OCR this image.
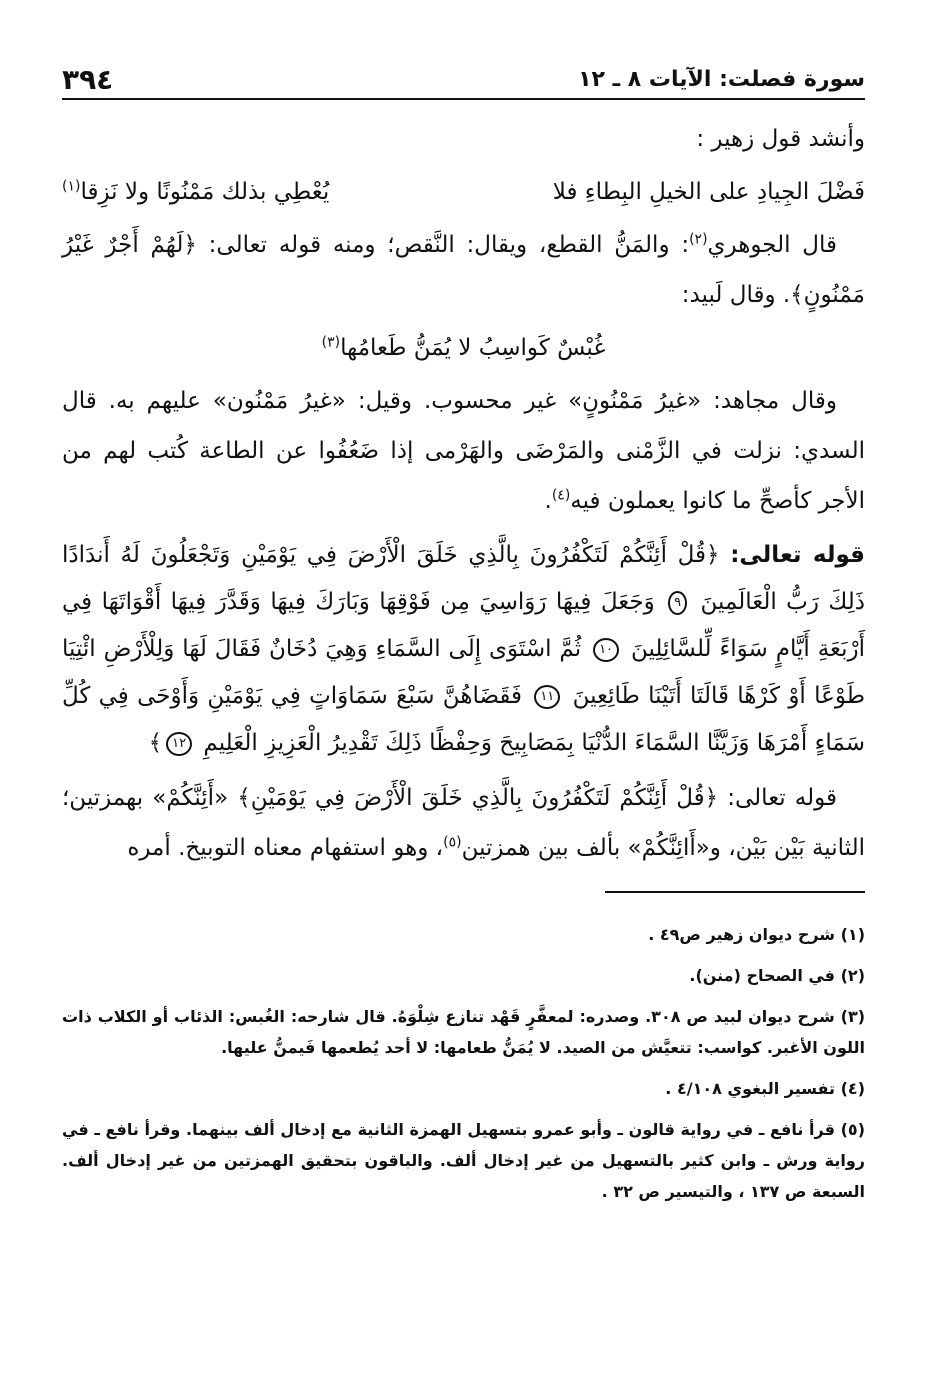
سورة فصلت: الآيات ٨ ـ ١٢
٣٩٤

وأنشد قول زهير :

فَضْلَ الجِيادِ على الخيلِ البِطاءِ فلا
يُعْطِي بذلك مَمْنُونًا ولا نَزِقا$^{(١)}$

قال الجوهري$^{(٢)}$: والمَنُّ القطع، ويقال: النَّقص؛ ومنه قوله تعالى: ﴿لَهُمْ أَجْرٌ غَيْرُ مَمْنُونٍ﴾. وقال لَبيد:

غُبْسٌ كَواسِبُ لا يُمَنُّ طَعامُها$^{(٣)}$

وقال مجاهد: «غيرُ مَمْنُونٍ» غير محسوب. وقيل: «غيرُ مَمْنُون» عليهم به. قال السدي: نزلت في الزَّمْنى والمَرْضَى والهَرْمى إذا ضَعُفُوا عن الطاعة كُتب لهم من الأجر كأصحِّ ما كانوا يعملون فيه$^{(٤)}$.

قوله تعالى: ﴿قُلْ أَئِنَّكُمْ لَتَكْفُرُونَ بِالَّذِي خَلَقَ الْأَرْضَ فِي يَوْمَيْنِ وَتَجْعَلُونَ لَهُ أَندَادًا ذَلِكَ رَبُّ الْعَالَمِينَ ٩ وَجَعَلَ فِيهَا رَوَاسِيَ مِن فَوْقِهَا وَبَارَكَ فِيهَا وَقَدَّرَ فِيهَا أَقْوَاتَهَا فِي أَرْبَعَةِ أَيَّامٍ سَوَاءً لِّلسَّائِلِينَ ١٠ ثُمَّ اسْتَوَى إِلَى السَّمَاءِ وَهِيَ دُخَانٌ فَقَالَ لَهَا وَلِلْأَرْضِ ائْتِيَا طَوْعًا أَوْ كَرْهًا قَالَتَا أَتَيْنَا طَائِعِينَ ١١ فَقَضَاهُنَّ سَبْعَ سَمَاوَاتٍ فِي يَوْمَيْنِ وَأَوْحَى فِي كُلِّ سَمَاءٍ أَمْرَهَا وَزَيَّنَّا السَّمَاءَ الدُّنْيَا بِمَصَابِيحَ وَحِفْظًا ذَلِكَ تَقْدِيرُ الْعَزِيزِ الْعَلِيمِ ١٢﴾

قوله تعالى: ﴿قُلْ أَئِنَّكُمْ لَتَكْفُرُونَ بِالَّذِي خَلَقَ الْأَرْضَ فِي يَوْمَيْنِ﴾ «أَئِنَّكُمْ» بهمزتين؛ الثانية بَيْن بَيْن، و«أَائِنَّكُمْ» بألف بين همزتين$^{(٥)}$، وهو استفهام معناه التوبيخ. أمره

(١) شرح ديوان زهير ص٤٩ .
(٢) في الصحاح (منن).
(٣) شرح ديوان لبيد ص ٣٠٨. وصدره: لمعفَّرٍ قَهْد تنازع شِلْوَهُ. قال شارحه: الغُبس: الذئاب أو الكلاب ذات اللون الأغبر. كواسب: تتعيَّش من الصيد. لا يُمَنُّ طعامها: لا أحد يُطعمها فَيمنُّ عليها.
(٤) تفسير البغوي ٤/١٠٨ .
(٥) قرأ نافع ـ في رواية قالون ـ وأبو عمرو بتسهيل الهمزة الثانية مع إدخال ألف بينهما. وقرأ نافع ـ في رواية ورش ـ وابن كثير بالتسهيل من غير إدخال ألف. والباقون بتحقيق الهمزتين من غير إدخال ألف. السبعة ص ١٣٧ ، والتيسير ص ٣٢ .
